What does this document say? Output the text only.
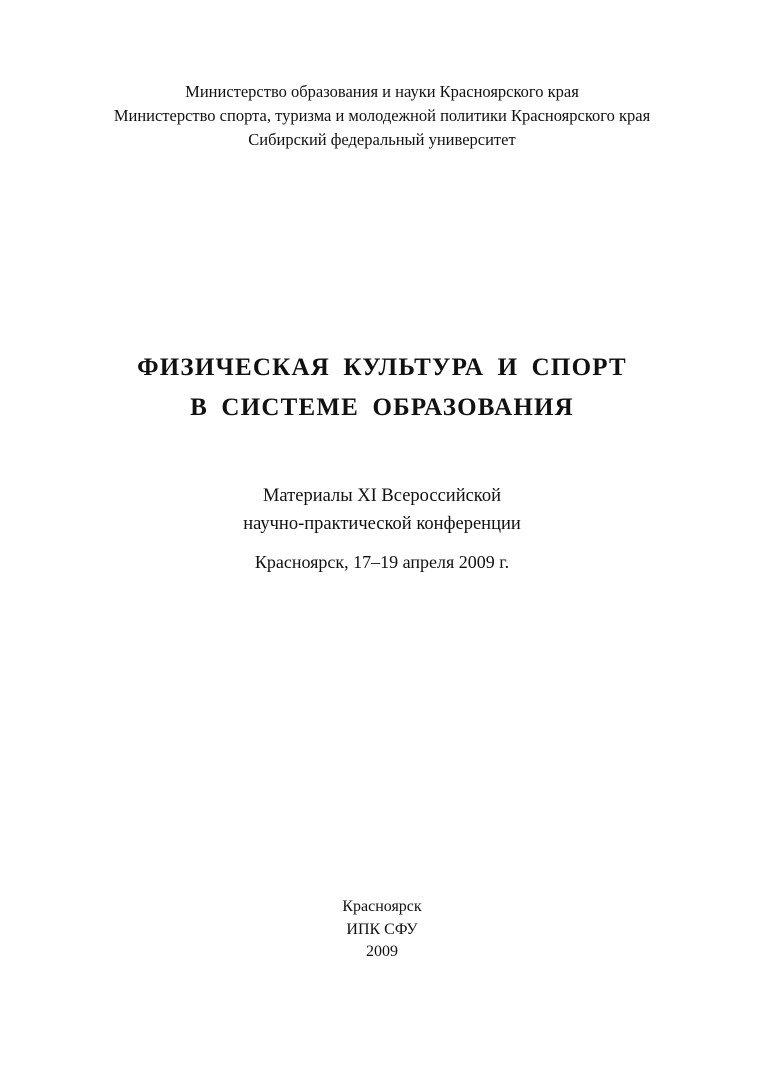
Министерство образования и науки Красноярского края
Министерство спорта, туризма и молодежной политики Красноярского края
Сибирский федеральный университет
ФИЗИЧЕСКАЯ КУЛЬТУРА И СПОРТ
В СИСТЕМЕ ОБРАЗОВАНИЯ
Материалы XI Всероссийской
научно-практической конференции
Красноярск, 17–19 апреля 2009 г.
Красноярск
ИПК СФУ
2009
